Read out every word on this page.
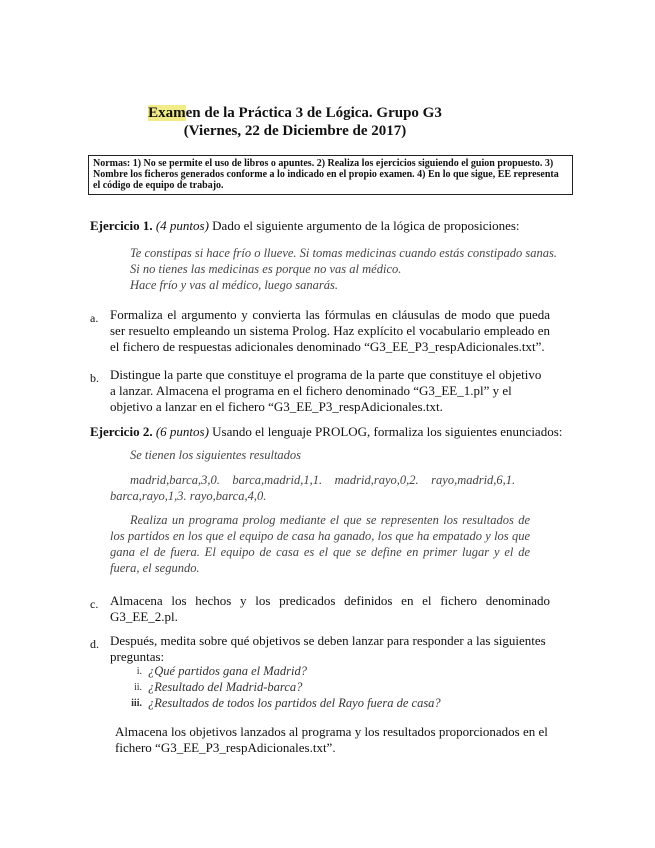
Examen de la Práctica 3 de Lógica. Grupo G3
(Viernes, 22 de Diciembre de 2017)
Normas: 1) No se permite el uso de libros o apuntes. 2) Realiza los ejercicios siguiendo el guion propuesto. 3) Nombre los ficheros generados conforme a lo indicado en el propio examen. 4) En lo que sigue, EE representa el código de equipo de trabajo.
Ejercicio 1. (4 puntos) Dado el siguiente argumento de la lógica de proposiciones:
Te constipas si hace frío o llueve. Si tomas medicinas cuando estás constipado sanas.
Si no tienes las medicinas es porque no vas al médico.
Hace frío y vas al médico, luego sanarás.
a. Formaliza el argumento y convierta las fórmulas en cláusulas de modo que pueda ser resuelto empleando un sistema Prolog. Haz explícito el vocabulario empleado en el fichero de respuestas adicionales denominado “G3_EE_P3_respAdicionales.txt”.
b. Distingue la parte que constituye el programa de la parte que constituye el objetivo a lanzar. Almacena el programa en el fichero denominado “G3_EE_1.pl” y el objetivo a lanzar en el fichero “G3_EE_P3_respAdicionales.txt.
Ejercicio 2. (6 puntos) Usando el lenguaje PROLOG, formaliza los siguientes enunciados:
Se tienen los siguientes resultados
madrid,barca,3,0.    barca,madrid,1,1.    madrid,rayo,0,2.    rayo,madrid,6,1.
barca,rayo,1,3. rayo,barca,4,0.
Realiza un programa prolog mediante el que se representen los resultados de los partidos en los que el equipo de casa ha ganado, los que ha empatado y los que gana el de fuera. El equipo de casa es el que se define en primer lugar y el de fuera, el segundo.
c. Almacena los hechos y los predicados definidos en el fichero denominado G3_EE_2.pl.
d. Después, medita sobre qué objetivos se deben lanzar para responder a las siguientes preguntas:
i. ¿Qué partidos gana el Madrid?
ii. ¿Resultado del Madrid-barca?
iii. ¿Resultados de todos los partidos del Rayo fuera de casa?
Almacena los objetivos lanzados al programa y los resultados proporcionados en el fichero “G3_EE_P3_respAdicionales.txt”.
